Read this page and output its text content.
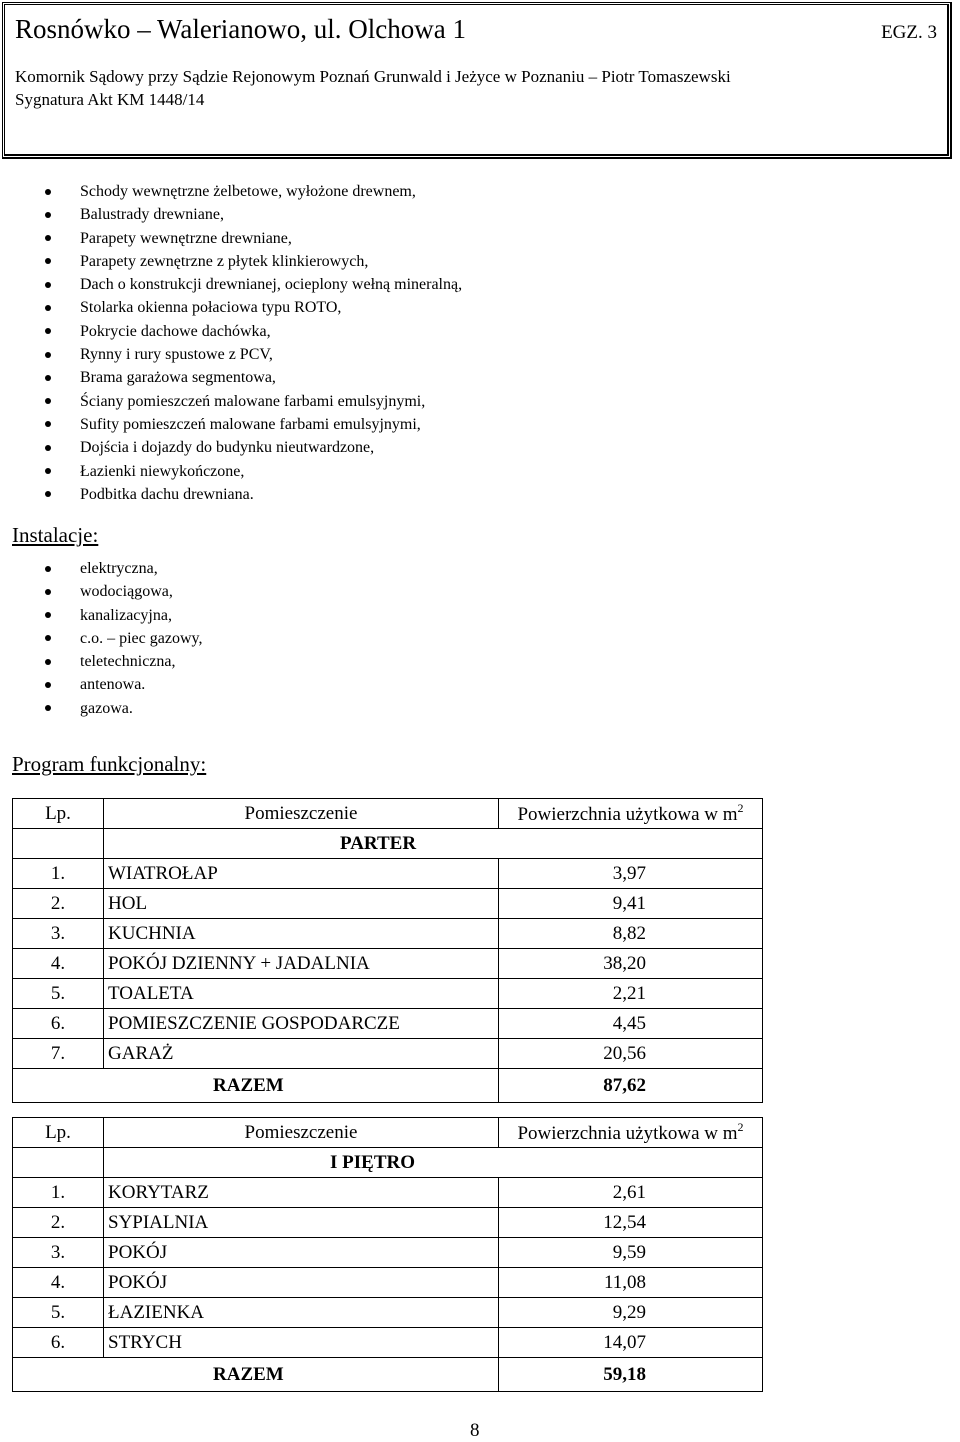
Rosnówko – Walerianowo, ul. Olchowa 1	EGZ. 3
Komornik Sądowy przy Sądzie Rejonowym Poznań Grunwald i Jeżyce w Poznaniu – Piotr Tomaszewski
Sygnatura Akt KM 1448/14
Schody wewnętrzne żelbetowe, wyłożone drewnem,
Balustrady drewniane,
Parapety wewnętrzne drewniane,
Parapety zewnętrzne z płytek klinkierowych,
Dach o konstrukcji drewnianej, ocieplony wełną mineralną,
Stolarka okienna połaciowa typu ROTO,
Pokrycie dachowe dachówka,
Rynny i rury spustowe z PCV,
Brama garażowa segmentowa,
Ściany pomieszczeń malowane farbami emulsyjnymi,
Sufity pomieszczeń malowane farbami emulsyjnymi,
Dojścia i dojazdy do budynku nieutwardzone,
Łazienki niewykończone,
Podbitka dachu drewniana.
Instalacje:
elektryczna,
wodociągowa,
kanalizacyjna,
c.o. – piec gazowy,
teletechniczna,
antenowa.
gazowa.
Program funkcjonalny:
Lp.	Pomieszczenie	Powierzchnia użytkowa w $m^2$
	PARTER	
1.	WIATROŁAP	3,97
2.	HOL	9,41
3.	KUCHNIA	8,82
4.	POKÓJ DZIENNY + JADALNIA	38,20
5.	TOALETA	2,21
6.	POMIESZCZENIE GOSPODARCZE	4,45
7.	GARAŻ	20,56
RAZEM		87,62
Lp.	Pomieszczenie	Powierzchnia użytkowa w $m^2$
	I PIĘTRO	
1.	KORYTARZ	2,61
2.	SYPIALNIA	12,54
3.	POKÓJ	9,59
4.	POKÓJ	11,08
5.	ŁAZIENKA	9,29
6.	STRYCH	14,07
RAZEM		59,18
8
